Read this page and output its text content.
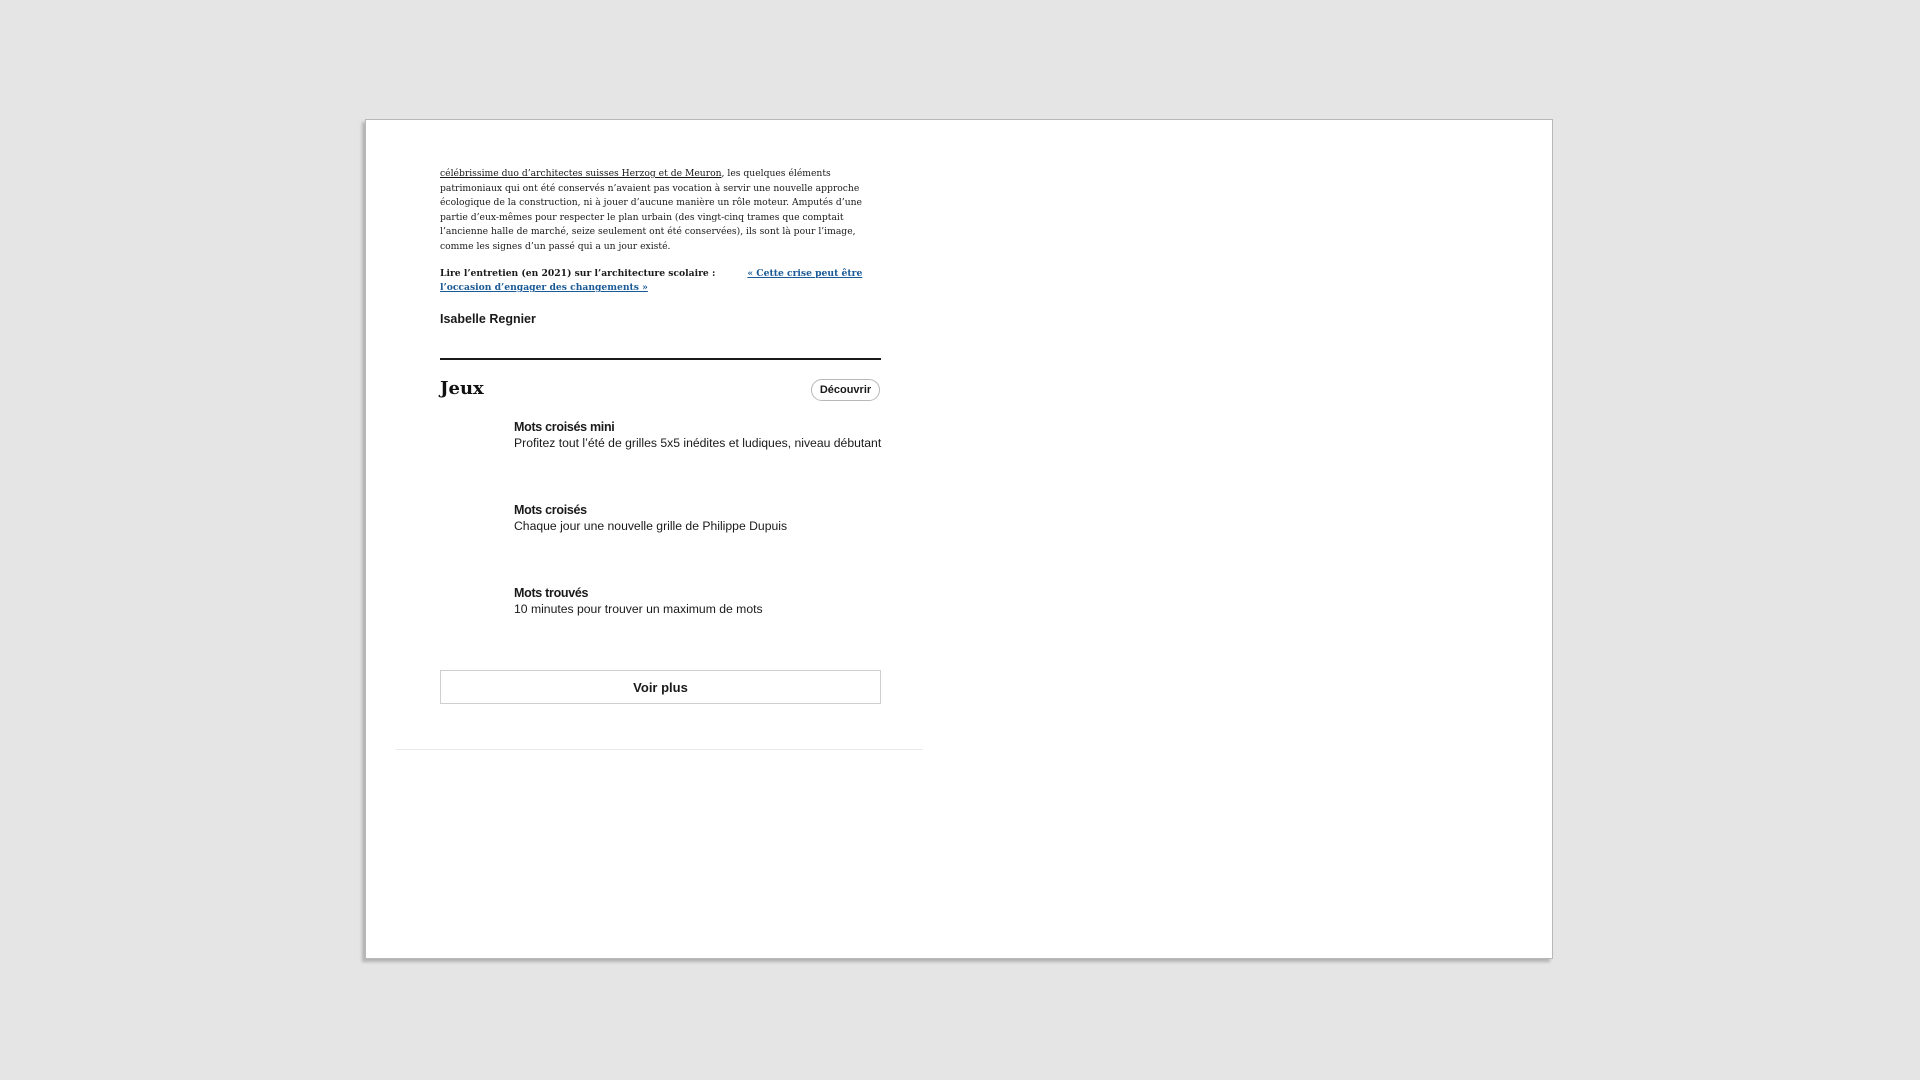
célébrissime duo d’architectes suisses Herzog et de Meuron, les quelques éléments patrimoniaux qui ont été conservés n’avaient pas vocation à servir une nouvelle approche écologique de la construction, ni à jouer d’aucune manière un rôle moteur. Amputés d’une partie d’eux-mêmes pour respecter le plan urbain (des vingt-cinq trames que comptait l’ancienne halle de marché, seize seulement ont été conservées), ils sont là pour l’image, comme les signes d’un passé qui a un jour existé.

Lire l’entretien (en 2021) sur l’architecture scolaire :	« Cette crise peut être l’occasion d’engager des changements »

Isabelle Regnier
Jeux	Découvrir
Mots croisés mini
Profitez tout l’été de grilles 5x5 inédites et ludiques, niveau débutant
Mots croisés
Chaque jour une nouvelle grille de Philippe Dupuis
Mots trouvés
10 minutes pour trouver un maximum de mots
Voir plus
